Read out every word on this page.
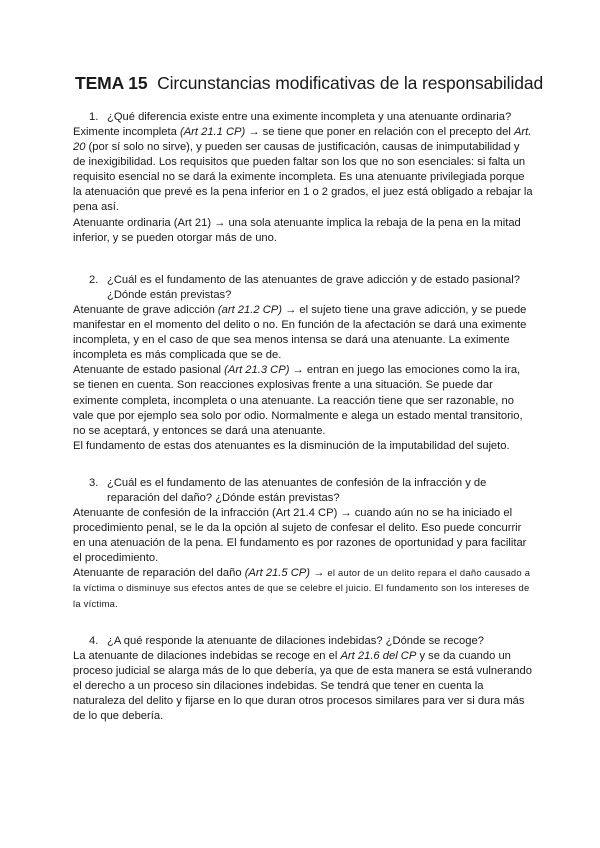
TEMA 15 Circunstancias modificativas de la responsabilidad

1. ¿Qué diferencia existe entre una eximente incompleta y una atenuante ordinaria?

Eximente incompleta (Art 21.1 CP) → se tiene que poner en relación con el precepto del Art. 20 (por sí solo no sirve), y pueden ser causas de justificación, causas de inimputabilidad y de inexigibilidad. Los requisitos que pueden faltar son los que no son esenciales: si falta un requisito esencial no se dará la eximente incompleta. Es una atenuante privilegiada porque la atenuación que prevé es la pena inferior en 1 o 2 grados, el juez está obligado a rebajar la pena así.

Atenuante ordinaria (Art 21) → una sola atenuante implica la rebaja de la pena en la mitad inferior, y se pueden otorgar más de uno.

2. ¿Cuál es el fundamento de las atenuantes de grave adicción y de estado pasional? ¿Dónde están previstas?

Atenuante de grave adicción (art 21.2 CP) → el sujeto tiene una grave adicción, y se puede manifestar en el momento del delito o no. En función de la afectación se dará una eximente incompleta, y en el caso de que sea menos intensa se dará una atenuante. La eximente incompleta es más complicada que se de.

Atenuante de estado pasional (Art 21.3 CP) → entran en juego las emociones como la ira, se tienen en cuenta. Son reacciones explosivas frente a una situación. Se puede dar eximente completa, incompleta o una atenuante. La reacción tiene que ser razonable, no vale que por ejemplo sea solo por odio. Normalmente e alega un estado mental transitorio, no se aceptará, y entonces se dará una atenuante.

El fundamento de estas dos atenuantes es la disminución de la imputabilidad del sujeto.

3. ¿Cuál es el fundamento de las atenuantes de confesión de la infracción y de reparación del daño? ¿Dónde están previstas?

Atenuante de confesión de la infracción (Art 21.4 CP) → cuando aún no se ha iniciado el procedimiento penal, se le da la opción al sujeto de confesar el delito. Eso puede concurrir en una atenuación de la pena. El fundamento es por razones de oportunidad y para facilitar el procedimiento.

Atenuante de reparación del daño (Art 21.5 CP) → el autor de un delito repara el daño causado a la víctima o disminuye sus efectos antes de que se celebre el juicio. El fundamento son los intereses de la víctima.

4. ¿A qué responde la atenuante de dilaciones indebidas? ¿Dónde se recoge?

La atenuante de dilaciones indebidas se recoge en el Art 21.6 del CP y se da cuando un proceso judicial se alarga más de lo que debería, ya que de esta manera se está vulnerando el derecho a un proceso sin dilaciones indebidas. Se tendrá que tener en cuenta la naturaleza del delito y fijarse en lo que duran otros procesos similares para ver si dura más de lo que debería.
